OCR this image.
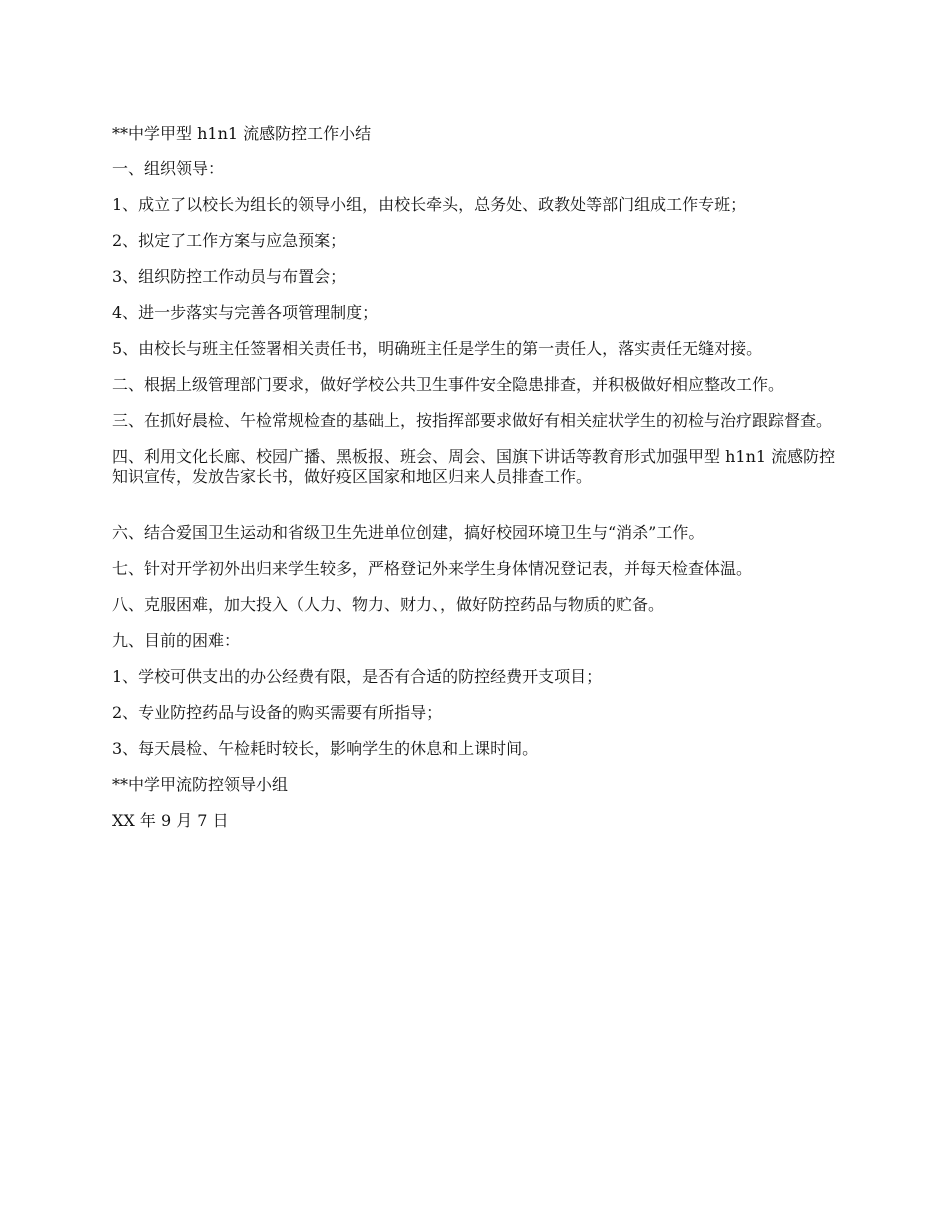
**中学甲型 h1n1 流感防控工作小结

一、组织领导：

1、成立了以校长为组长的领导小组，由校长牵头，总务处、政教处等部门组成工作专班；

2、拟定了工作方案与应急预案；

3、组织防控工作动员与布置会；

4、进一步落实与完善各项管理制度；

5、由校长与班主任签署相关责任书，明确班主任是学生的第一责任人，落实责任无缝对接。

二、根据上级管理部门要求，做好学校公共卫生事件安全隐患排查，并积极做好相应整改工作。

三、在抓好晨检、午检常规检查的基础上，按指挥部要求做好有相关症状学生的初检与治疗跟踪督查。

四、利用文化长廊、校园广播、黑板报、班会、周会、国旗下讲话等教育形式加强甲型 h1n1 流感防控知识宣传，发放告家长书，做好疫区国家和地区归来人员排查工作。

六、结合爱国卫生运动和省级卫生先进单位创建，搞好校园环境卫生与“消杀”工作。

七、针对开学初外出归来学生较多，严格登记外来学生身体情况登记表，并每天检查体温。

八、克服困难，加大投入（人力、物力、财力、，做好防控药品与物质的贮备。

九、目前的困难：

1、学校可供支出的办公经费有限，是否有合适的防控经费开支项目；

2、专业防控药品与设备的购买需要有所指导；

3、每天晨检、午检耗时较长，影响学生的休息和上课时间。

**中学甲流防控领导小组

XX 年 9 月 7 日
